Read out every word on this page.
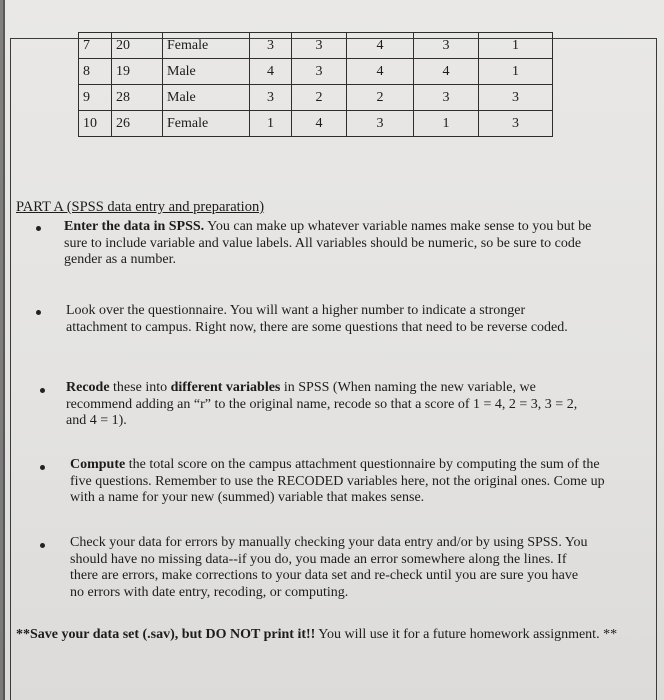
7	20	Female	3	3	4	3	1
8	19	Male	4	3	4	4	1
9	28	Male	3	2	2	3	3
10	26	Female	1	4	3	1	3
PART A (SPSS data entry and preparation)

Enter the data in SPSS. You can make up whatever variable names make sense to you but be sure to include variable and value labels. All variables should be numeric, so be sure to code gender as a number.

Look over the questionnaire. You will want a higher number to indicate a stronger attachment to campus. Right now, there are some questions that need to be reverse coded.

Recode these into different variables in SPSS (When naming the new variable, we recommend adding an “r” to the original name, recode so that a score of 1 = 4, 2 = 3, 3 = 2, and 4 = 1).

Compute the total score on the campus attachment questionnaire by computing the sum of the five questions. Remember to use the RECODED variables here, not the original ones. Come up with a name for your new (summed) variable that makes sense.

Check your data for errors by manually checking your data entry and/or by using SPSS. You should have no missing data--if you do, you made an error somewhere along the lines. If there are errors, make corrections to your data set and re-check until you are sure you have no errors with date entry, recoding, or computing.

**Save your data set (.sav), but DO NOT print it!! You will use it for a future homework assignment. **
